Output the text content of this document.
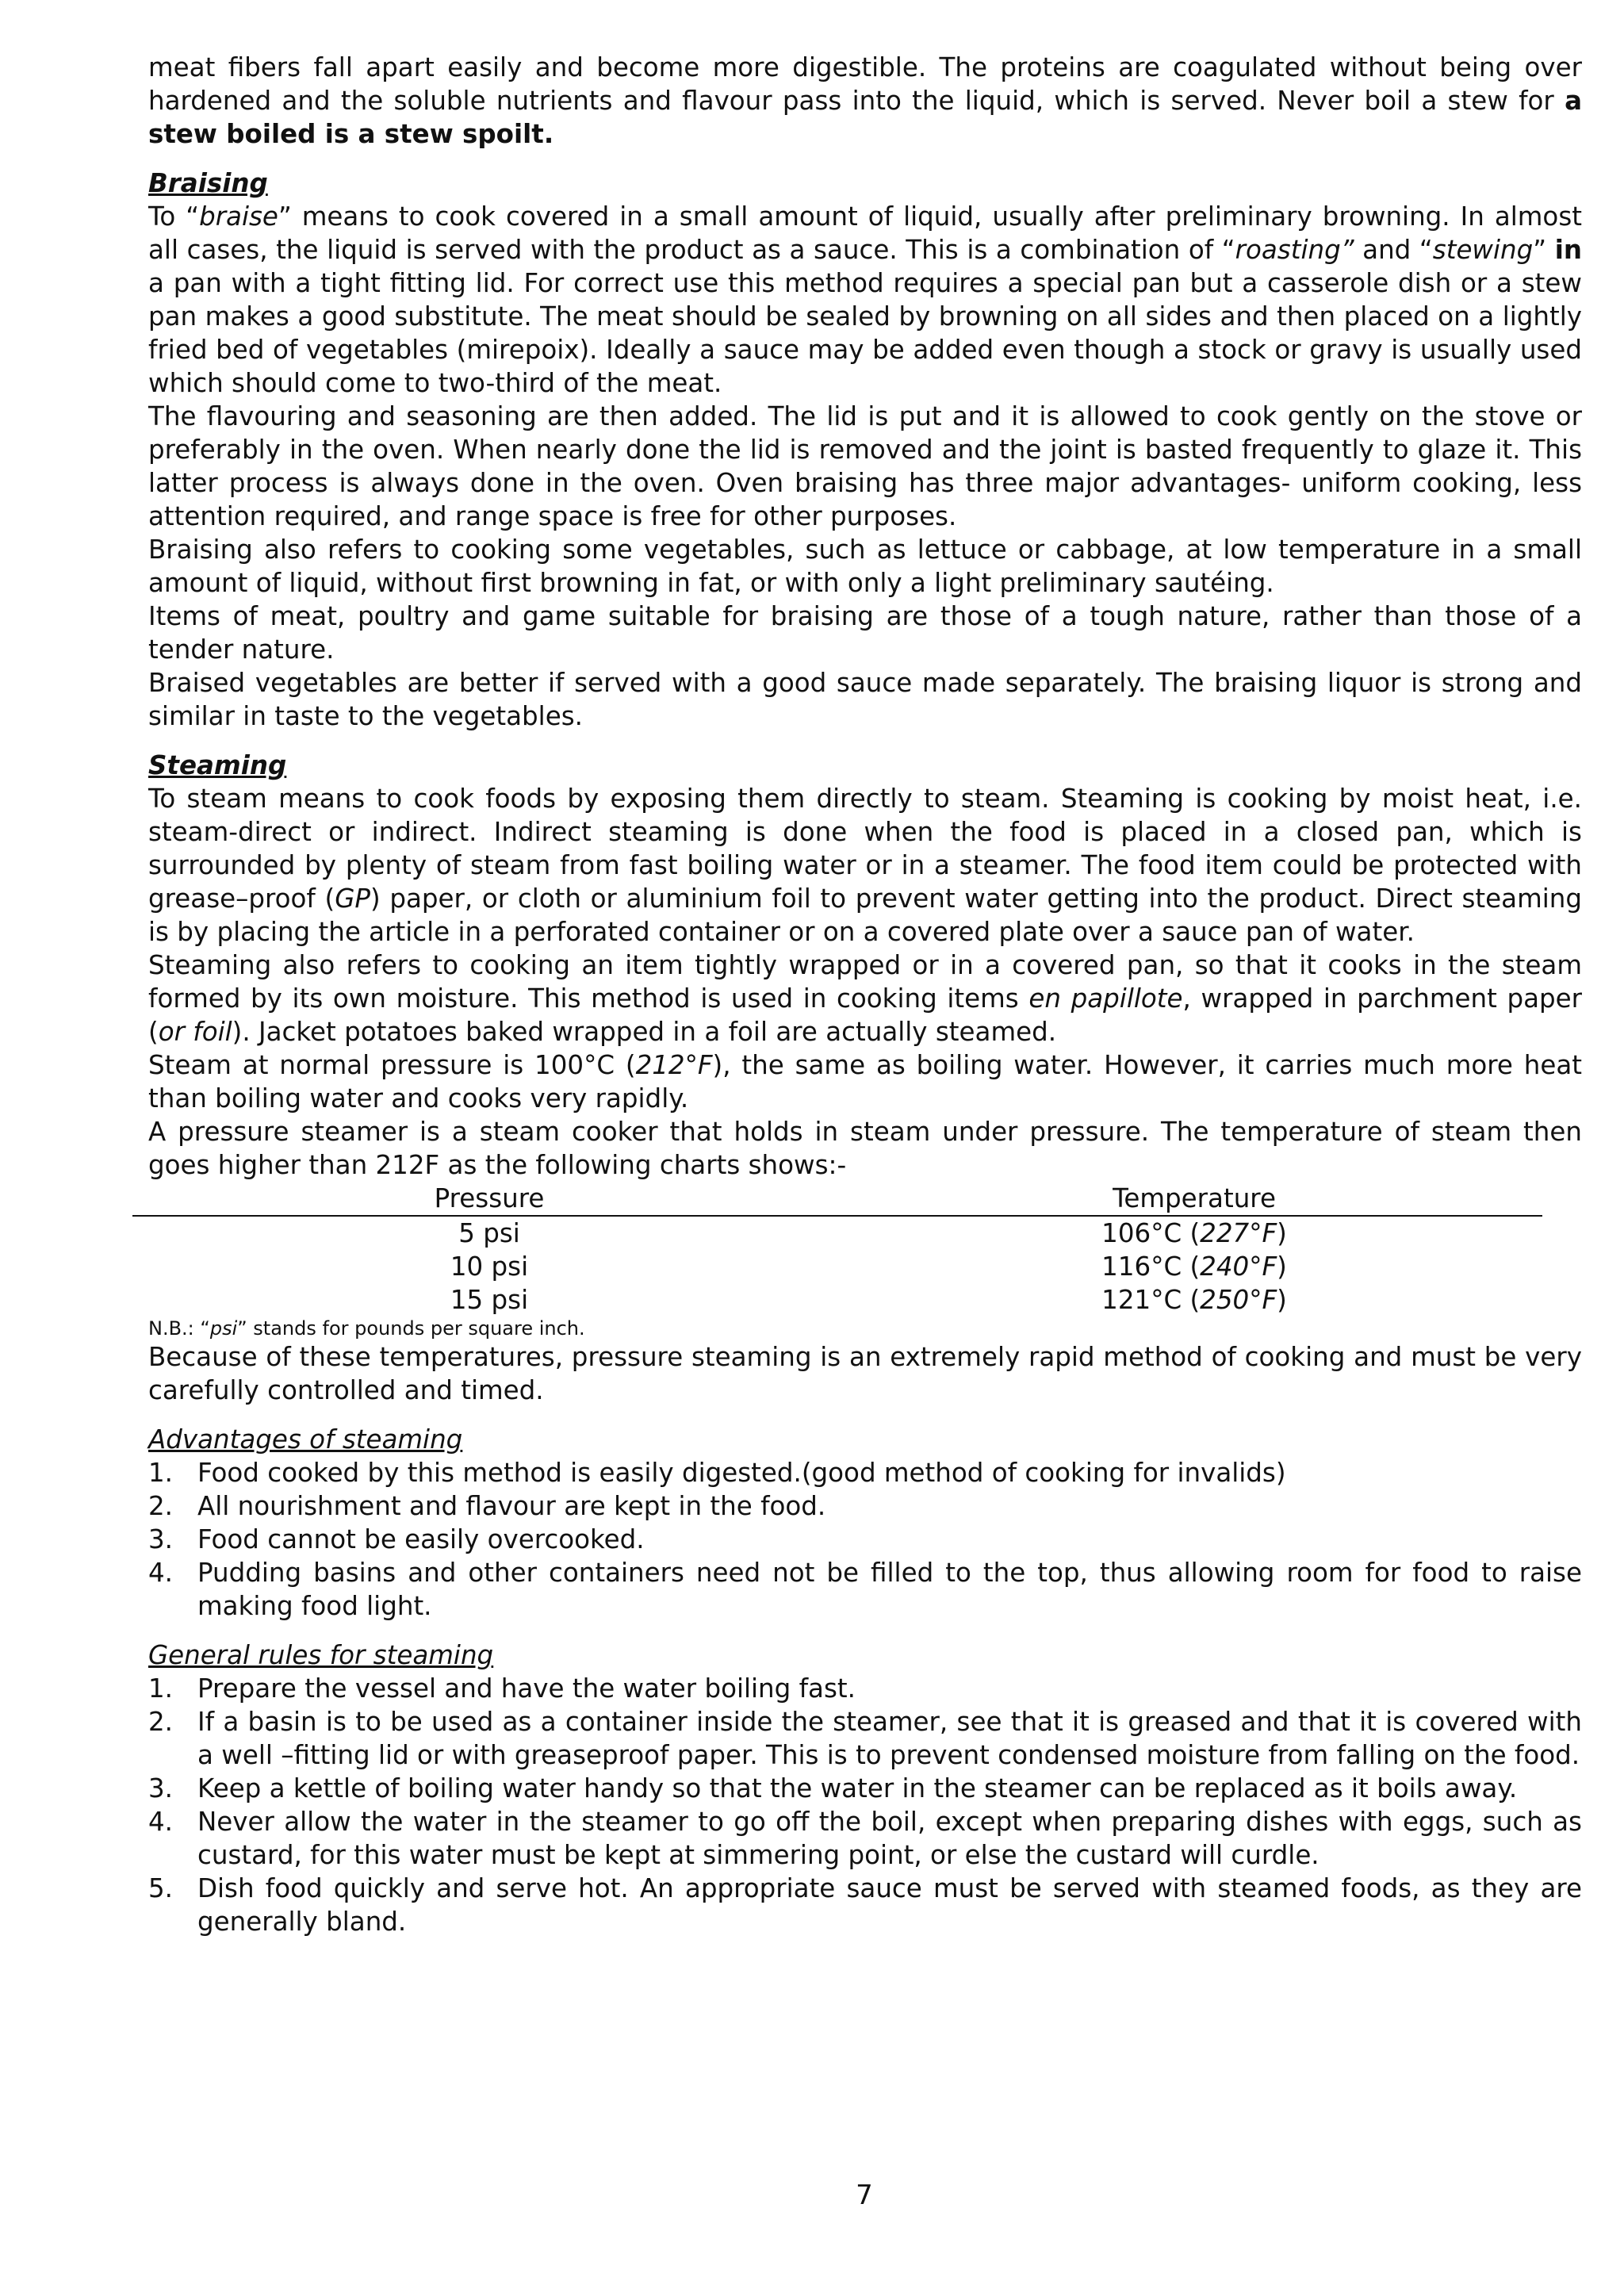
meat fibers fall apart easily and become more digestible. The proteins are coagulated without being over hardened and the soluble nutrients and flavour pass into the liquid, which is served. Never boil a stew for a stew boiled is a stew spoilt.

Braising

To “braise” means to cook covered in a small amount of liquid, usually after preliminary browning. In almost all cases, the liquid is served with the product as a sauce. This is a combination of “roasting” and “stewing” in a pan with a tight fitting lid. For correct use this method requires a special pan but a casserole dish or a stew pan makes a good substitute. The meat should be sealed by browning on all sides and then placed on a lightly fried bed of vegetables (mirepoix). Ideally a sauce may be added even though a stock or gravy is usually used which should come to two-third of the meat.

The flavouring and seasoning are then added. The lid is put and it is allowed to cook gently on the stove or preferably in the oven. When nearly done the lid is removed and the joint is basted frequently to glaze it. This latter process is always done in the oven. Oven braising has three major advantages- uniform cooking, less attention required, and range space is free for other purposes.

Braising also refers to cooking some vegetables, such as lettuce or cabbage, at low temperature in a small amount of liquid, without first browning in fat, or with only a light preliminary sautéing.

Items of meat, poultry and game suitable for braising are those of a tough nature, rather than those of a tender nature.

Braised vegetables are better if served with a good sauce made separately. The braising liquor is strong and similar in taste to the vegetables.

Steaming

To steam means to cook foods by exposing them directly to steam. Steaming is cooking by moist heat, i.e. steam-direct or indirect. Indirect steaming is done when the food is placed in a closed pan, which is surrounded by plenty of steam from fast boiling water or in a steamer. The food item could be protected with grease–proof (GP) paper, or cloth or aluminium foil to prevent water getting into the product. Direct steaming is by placing the article in a perforated container or on a covered plate over a sauce pan of water.

Steaming also refers to cooking an item tightly wrapped or in a covered pan, so that it cooks in the steam formed by its own moisture. This method is used in cooking items en papillote, wrapped in parchment paper (or foil). Jacket potatoes baked wrapped in a foil are actually steamed.

Steam at normal pressure is 100°C (212°F), the same as boiling water. However, it carries much more heat than boiling water and cooks very rapidly.

A pressure steamer is a steam cooker that holds in steam under pressure. The temperature of steam then goes higher than 212F as the following charts shows:-

Pressure	Temperature
5 psi	106°C (227°F)
10 psi	116°C (240°F)
15 psi	121°C (250°F)

N.B.: “psi” stands for pounds per square inch.

Because of these temperatures, pressure steaming is an extremely rapid method of cooking and must be very carefully controlled and timed.

Advantages of steaming

1. Food cooked by this method is easily digested.(good method of cooking for invalids)
2. All nourishment and flavour are kept in the food.
3. Food cannot be easily overcooked.
4. Pudding basins and other containers need not be filled to the top, thus allowing room for food to raise making food light.

General rules for steaming

1. Prepare the vessel and have the water boiling fast.
2. If a basin is to be used as a container inside the steamer, see that it is greased and that it is covered with a well –fitting lid or with greaseproof paper. This is to prevent condensed moisture from falling on the food.
3. Keep a kettle of boiling water handy so that the water in the steamer can be replaced as it boils away.
4. Never allow the water in the steamer to go off the boil, except when preparing dishes with eggs, such as custard, for this water must be kept at simmering point, or else the custard will curdle.
5. Dish food quickly and serve hot. An appropriate sauce must be served with steamed foods, as they are generally bland.
7
